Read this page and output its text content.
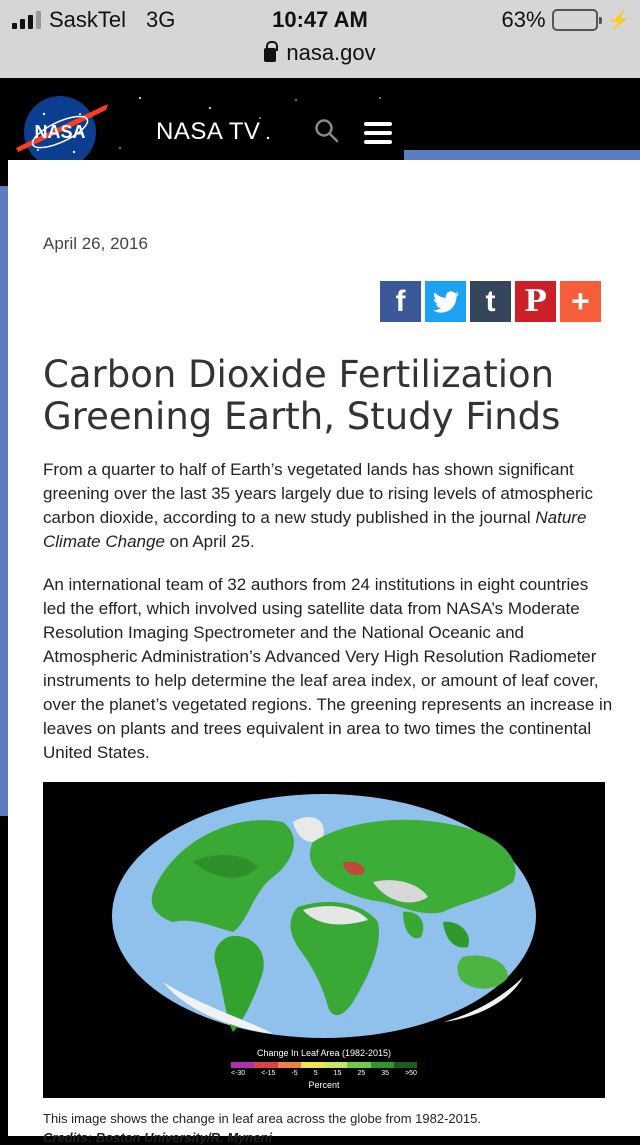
SaskTel 3G	10:47 AM	63%	⚡
nasa.gov
NASA	NASA TV
April 26, 2016
f	t P +
Carbon Dioxide Fertilization Greening Earth, Study Finds

From a quarter to half of Earth’s vegetated lands has shown significant greening over the last 35 years largely due to rising levels of atmospheric carbon dioxide, according to a new study published in the journal Nature Climate Change on April 25.

An international team of 32 authors from 24 institutions in eight countries led the effort, which involved using satellite data from NASA’s Moderate Resolution Imaging Spectrometer and the National Oceanic and Atmospheric Administration’s Advanced Very High Resolution Radiometer instruments to help determine the leaf area index, or amount of leaf cover, over the planet’s vegetated regions. The greening represents an increase in leaves on plants and trees equivalent in area to two times the continental United States.

Change In Leaf Area (1982-2015)
<-30 <-15 -5 5 15 25 35 >50
Percent
This image shows the change in leaf area across the globe from 1982-2015.
Credits: Boston University/R. Myneni
